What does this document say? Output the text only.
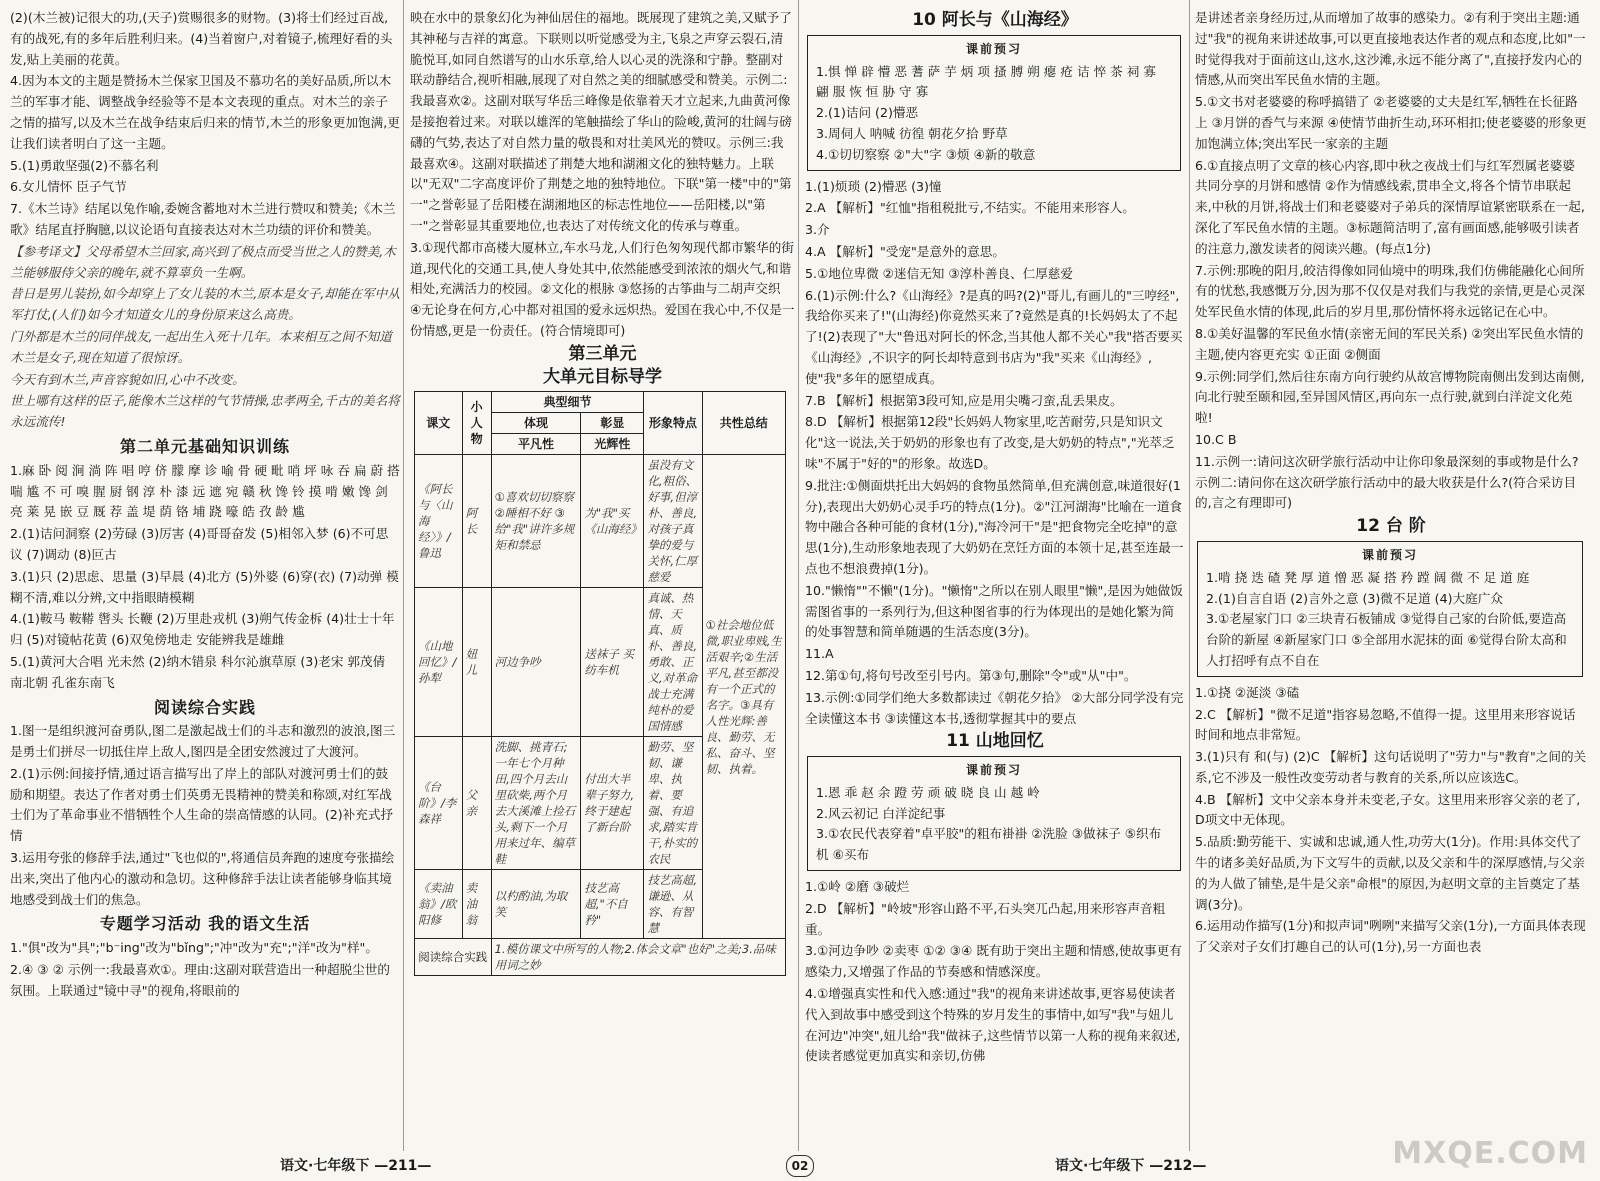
(2)(木兰被)记很大的功,(天子)赏赐很多的财物。(3)将士们经过百战,有的战死,有的多年后胜利归来。(4)当着窗户,对着镜子,梳理好看的头发,贴上美丽的花黄。

4.因为本文的主题是赞扬木兰保家卫国及不慕功名的美好品质,所以木兰的军事才能、调整战争经验等不是本文表现的重点。对木兰的亲子之情的描写,以及木兰在战争结束后归来的情节,木兰的形象更加饱满,更让我们读者明白了这一主题。

5.(1)勇敢坚强(2)不慕名利

6.女儿情怀 臣子气节

7.《木兰诗》结尾以兔作喻,委婉含蓄地对木兰进行赞叹和赞美;《木兰歌》结尾直抒胸臆,以议论语句直接表达对木兰功绩的评价和赞美。

【参考译文】父母希望木兰回家,高兴到了极点而受当世之人的赞美,木兰能够服侍父亲的晚年,就不算辜负一生啊。

昔日是男儿装扮,如今却穿上了女儿装的木兰,原本是女子,却能在军中从军打仗,(人们)如今才知道女儿的身份原来这么高贵。

门外都是木兰的同伴战友,一起出生入死十几年。本来相互之间不知道木兰是女子,现在知道了很惊讶。

今天有到木兰,声音容貌如旧,心中不改变。

世上哪有这样的臣子,能像木兰这样的气节情操,忠孝两全,千古的美名将永远流传!

第二单元基础知识训练

1.麻 卧 阅 涧 淌 阵 唱 哼 侪 朦 摩 诊 喻 骨 硬 毗 哨 坪 咏 吞 扁 蔚 搭 喘 尴 不 可 嗅 腥 厨 钢 淳 朴 漆 远 遮 宛 赣 秋 馋 铃 摸 啃 嫩 馋 剑 亮 莱 晃 嵌 豆 厩 荐 盖 堤 荫 铬 埔 跷 嚎 皓 孜 龄 尴

2.(1)诘问洞察 (2)劳碌 (3)厉害 (4)哥哥奋发 (5)相邻入梦 (6)不可思议 (7)调动 (8)叵古

3.(1)只 (2)思虑、思量 (3)早晨 (4)北方 (5)外婆 (6)穿(衣) (7)动弹 模糊不清,难以分辨,文中指眼睛模糊

4.(1)鞍马 鞍鞯 辔头 长鞭 (2)万里赴戎机 (3)朔气传金柝 (4)壮士十年归 (5)对镜帖花黄 (6)双兔傍地走 安能辨我是雄雌

5.(1)黄河大合唱 光未然 (2)纳木错泉 科尔沁旗草原 (3)老宋 郭茂倩 南北朝 孔雀东南飞

阅读综合实践

1.图一是组织渡河奋勇队,图二是激起战士们的斗志和激烈的波浪,图三是勇士们拼尽一切抵住岸上敌人,图四是全团安然渡过了大渡河。

2.(1)示例:间接抒情,通过语言描写出了岸上的部队对渡河勇士们的鼓励和期望。表达了作者对勇士们英勇无畏精神的赞美和称颂,对红军战士们为了革命事业不惜牺牲个人生命的崇高情感的认同。(2)补充式抒情

3.运用夸张的修辞手法,通过"飞也似的",将通信员奔跑的速度夸张描绘出来,突出了他内心的激动和急切。这种修辞手法让读者能够身临其境地感受到战士们的焦急。

专题学习活动 我的语文生活

1."俱"改为"具";"b⁻ing"改为"bǐng";"冲"改为"充";"洋"改为"样"。

2.④ ③ ② 示例一:我最喜欢①。理由:这副对联营造出一种超脱尘世的氛围。上联通过"镜中寻"的视角,将眼前的

映在水中的景象幻化为神仙居住的福地。既展现了建筑之美,又赋予了其神秘与吉祥的寓意。下联则以听觉感受为主,飞泉之声穿云裂石,清脆悦耳,如同自然谱写的山水乐章,给人以心灵的洗涤和宁静。整副对联动静结合,视听相融,展现了对自然之美的细腻感受和赞美。示例二:我最喜欢②。这副对联写华岳三峰像是依靠着天才立起来,九曲黄河像是接抱着过来。对联以雄浑的笔触描绘了华山的险峻,黄河的壮阔与磅礴的气势,表达了对自然力量的敬畏和对壮美风光的赞叹。示例三:我最喜欢④。这副对联描述了荆楚大地和湖湘文化的独特魅力。上联以"无双"二字高度评价了荆楚之地的独特地位。下联"第一楼"中的"第一"之誉彰显了岳阳楼在湖湘地区的标志性地位——岳阳楼,以"第一"之誉彰显其重要地位,也表达了对传统文化的传承与尊重。

3.①现代都市高楼大厦林立,车水马龙,人们行色匆匆现代都市繁华的街道,现代化的交通工具,使人身处其中,依然能感受到浓浓的烟火气,和谐相处,充满活力的校园。②文化的根脉 ③悠扬的古筝曲与二胡声交织 ④无论身在何方,心中都对祖国的爱永远炽热。爱国在我心中,不仅是一份情感,更是一份责任。(符合情境即可)

第三单元
大单元目标导学
课文	小人物	典型细节		形象特点	共性总结
		体现	彰显		
		平凡性	光辉性		
《阿长与〈山海经〉》/鲁迅	阿长	①喜欢切切察察 ②睡相不好 ③给"我"讲许多规矩和禁忌	为"我"买《山海经》	虽没有文化,粗俗、好事,但淳朴、善良,对孩子真挚的爱与关怀,仁厚慈爱	①社会地位低微,职业卑贱,生活艰辛;②生活平凡,甚至都没有一个正式的名字。③具有人性光辉:善良、勤劳、无私、奋斗、坚韧、执着。
《山地回忆》/孙犁	妞儿	河边争吵	送袜子 买纺车机	真诚、热情、天真、质朴、善良,勇敢、正义,对革命战士充满纯朴的爱国情感	
《台阶》/李森祥	父亲	洗脚、挑青石;一年七个月种田,四个月去山里砍柴,两个月去大溪滩上捡石头,剩下一个月用来过年、编草鞋	付出大半辈子努力,终于建起了新台阶	勤劳、坚韧、谦卑、执着、要强、有追求,踏实肯干,朴实的农民	
《卖油翁》/欧阳修	卖油翁	以杓酌油,为取笑	技艺高超,"不自矜"	技艺高超,谦逊、从容、有智慧	
阅读综合实践		1.模仿课文中所写的人物;2.体会文章"也好"之美;3.品味用词之妙			
10 阿长与《山海经》
课前预习

1.惧 惮 辟 懵 恶 蓍 萨 芋 炳 项 搔 膊 朔 瘪 疮 诘 悴 茶 祠 寡 翩 服 恢 恒 胁 守 寡

2.(1)诘问 (2)懵恶

3.周伺人 呐喊 彷徨 朝花夕拾 野草

4.①切切察察 ②"大"字 ③烦 ④新的敬意

1.(1)烦琐 (2)懵恶 (3)憧

2.A 【解析】"红恤"指租税批亏,不结实。不能用来形容人。

3.介

4.A 【解析】"受宠"是意外的意思。

5.①地位卑微 ②迷信无知 ③淳朴善良、仁厚慈爱

6.(1)示例:什么?《山海经》?是真的吗?(2)"哥儿,有画儿的"三哼经",我给你买来了!"(山海经)你竟然买来了?竟然是真的!长妈妈太了不起了!(2)表现了"大"鲁迅对阿长的怀念,当其他人都不关心"我"搭否要买《山海经》,不识字的阿长却特意到书店为"我"买来《山海经》,使"我"多年的愿望成真。

7.B 【解析】根据第3段可知,应是用尖嘴刁蛮,乱丢果皮。

8.D 【解析】根据第12段"长妈妈人物家里,吃苦耐劳,只是知识文化"这一说法,关于奶奶的形象也有了改变,是大奶奶的特点","光萃乏味"不属于"好的"的形象。故选D。

9.批注:①侧面烘托出大妈妈的食物虽然简单,但充满创意,味道很好(1分),表现出大奶奶心灵手巧的特点(1分)。②"江河湖海"比喻在一道食物中融合各种可能的食材(1分),"海冷河干"是"把食物完全吃掉"的意思(1分),生动形象地表现了大奶奶在烹饪方面的本领十足,甚至连最一点也不想浪费掉(1分)。

10."懒惰""不懒"(1分)。"懒惰"之所以在别人眼里"懒",是因为她做饭需图省事的一系列行为,但这种图省事的行为体现出的是她化繁为简的处事智慧和简单随遇的生活态度(3分)。

11.A

12.第①句,将句号改至引号内。第③句,删除"令"或"从"中"。

13.示例:①同学们绝大多数都读过《朝花夕拾》 ②大部分同学没有完全读懂这本书 ③读懂这本书,透彻掌握其中的要点

11 山地回忆
课前预习

1.恩 乖 赵 余 蹬 劳 顽 破 晓 良 山 越 岭

2.风云初记 白洋淀纪事

3.①农民代表穿着"卓平胶"的粗布褂褂 ②洗脸 ③做袜子 ⑤织布机 ⑥买布

1.①岭 ②磨 ③破烂

2.D 【解析】"岭坡"形容山路不平,石头突兀凸起,用来形容声音粗重。

3.①河边争吵 ②卖枣 ①② ③④ 既有助于突出主题和情感,使故事更有感染力,又增强了作品的节奏感和情感深度。

4.①增强真实性和代入感:通过"我"的视角来讲述故事,更容易使读者代入到故事中感受到这个特殊的岁月发生的事情中,如写"我"与妞儿在河边"冲突",妞儿给"我"做袜子,这些情节以第一人称的视角来叙述,使读者感觉更加真实和亲切,仿佛

是讲述者亲身经历过,从而增加了故事的感染力。②有利于突出主题:通过"我"的视角来讲述故事,可以更直接地表达作者的观点和态度,比如"一时觉得我对于面前这山,这水,这沙滩,永远不能分离了",直接抒发内心的情感,从而突出军民鱼水情的主题。

5.①文书对老婆婆的称呼搞错了 ②老婆婆的丈夫是红军,牺牲在长征路上 ③月饼的香气与来源 ④使情节曲折生动,环环相扣;使老婆婆的形象更加饱满立体;突出军民一家亲的主题

6.①直接点明了文章的核心内容,即中秋之夜战士们与红军烈属老婆婆共同分享的月饼和感情 ②作为情感线索,贯串全文,将各个情节串联起来,中秋的月饼,将战士们和老婆婆对子弟兵的深情厚谊紧密联系在一起,深化了军民鱼水情的主题。③标题简洁明了,富有画面感,能够吸引读者的注意力,激发读者的阅读兴趣。(每点1分)

7.示例:那晚的阳月,皎洁得像如同仙境中的明珠,我们仿佛能融化心间所有的忧愁,我感慨万分,因为那不仅仅是对我们与我党的亲情,更是心灵深处军民鱼水情的体现,此后的岁月里,那份情怀将永远铭记在心中。

8.①美好温馨的军民鱼水情(亲密无间的军民关系) ②突出军民鱼水情的主题,使内容更充实 ①正面 ②侧面

9.示例:同学们,然后往东南方向行驶约从故宫博物院南侧出发到达南侧,向北行驶至颐和园,至异国风情区,再向东一点行驶,就到白洋淀文化苑啦!

10.C B

11.示例一:请问这次研学旅行活动中让你印象最深刻的事或物是什么?示例二:请问你在这次研学旅行活动中的最大收获是什么?(符合采访目的,言之有理即可)

12 台 阶
课前预习

1.啃 挠 迭 碴 凳 厚 道 憎 恶 凝 搭 矜 蹚 阔 微 不 足 道 庭

2.(1)自言自语 (2)言外之意 (3)微不足道 (4)大庭广众

3.①老屋家门口 ②三块青石板铺成 ③觉得自己家的台阶低,要造高台阶的新屋 ④新屋家门口 ⑤全部用水泥抹的面 ⑥觉得台阶太高和人打招呼有点不自在

1.①挠 ②涎淡 ③磕

2.C 【解析】"微不足道"指容易忽略,不值得一提。这里用来形容说话时间和地点非常短。

3.(1)只有 和(与) (2)C 【解析】这句话说明了"劳力"与"教育"之间的关系,它不涉及一般性改变劳动者与教育的关系,所以应该选C。

4.B 【解析】文中父亲本身并未变老,子女。这里用来形容父亲的老了,D项文中无体现。

5.品质:勤劳能干、实诚和忠诚,通人性,功劳大(1分)。作用:具体交代了牛的诸多美好品质,为下文写牛的贡献,以及父亲和牛的深厚感情,与父亲的为人做了铺垫,是牛是父亲"命根"的原因,为赵明文章的主旨奠定了基调(3分)。

6.运用动作描写(1分)和拟声词"咧咧"来描写父亲(1分),一方面具体表现了父亲对子女们打趣自己的认可(1分),另一方面也表

语文·七年级下 —211—	02	语文·七年级下 —212—	MXQE.COM
